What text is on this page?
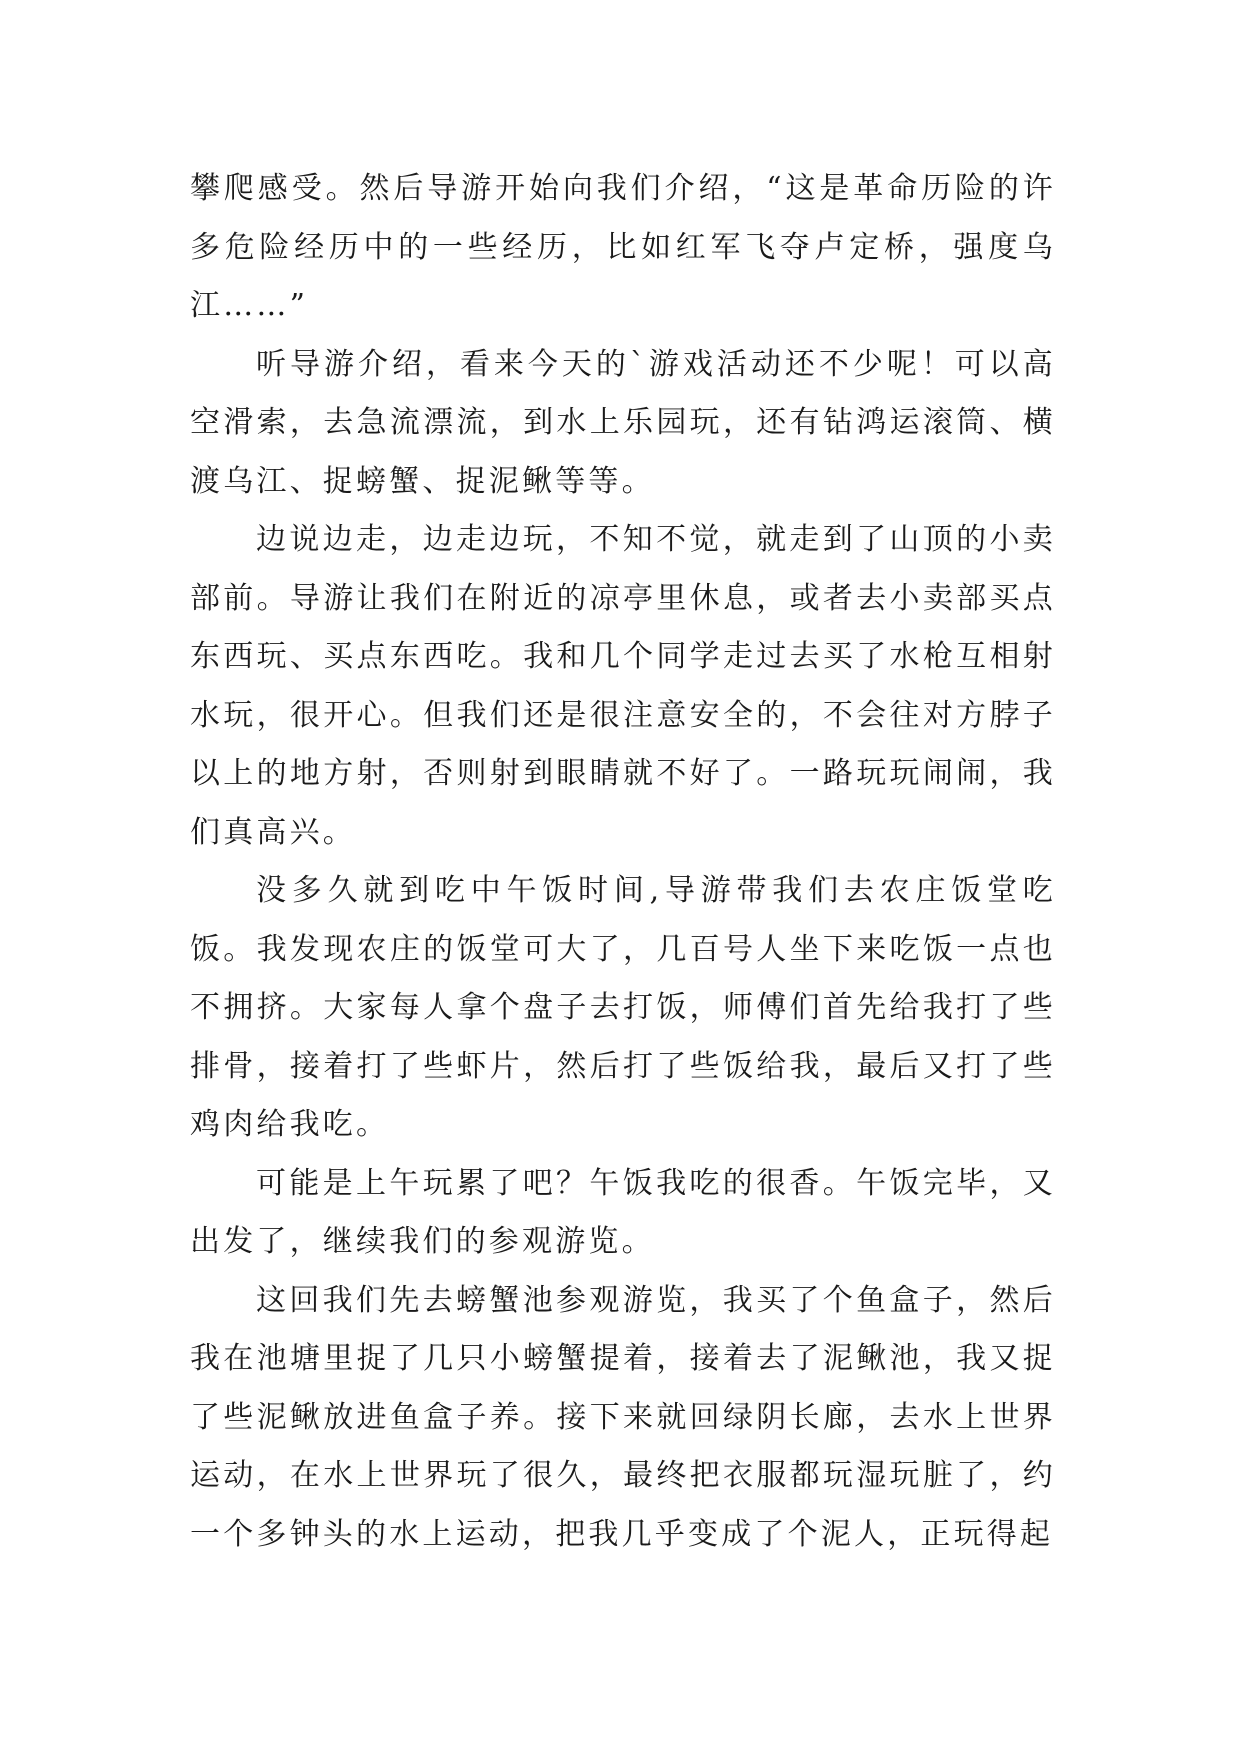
攀爬感受。然后导游开始向我们介绍，“这是革命历险的许多危险经历中的一些经历，比如红军飞夺卢定桥，强度乌江……”

听导游介绍，看来今天的`游戏活动还不少呢！可以高空滑索，去急流漂流，到水上乐园玩，还有钻鸿运滚筒、横渡乌江、捉螃蟹、捉泥鳅等等。

边说边走，边走边玩，不知不觉，就走到了山顶的小卖部前。导游让我们在附近的凉亭里休息，或者去小卖部买点东西玩、买点东西吃。我和几个同学走过去买了水枪互相射水玩，很开心。但我们还是很注意安全的，不会往对方脖子以上的地方射，否则射到眼睛就不好了。一路玩玩闹闹，我们真高兴。

没多久就到吃中午饭时间,导游带我们去农庄饭堂吃饭。我发现农庄的饭堂可大了，几百号人坐下来吃饭一点也不拥挤。大家每人拿个盘子去打饭，师傅们首先给我打了些排骨，接着打了些虾片，然后打了些饭给我，最后又打了些鸡肉给我吃。

可能是上午玩累了吧？午饭我吃的很香。午饭完毕，又出发了，继续我们的参观游览。

这回我们先去螃蟹池参观游览，我买了个鱼盒子，然后我在池塘里捉了几只小螃蟹提着，接着去了泥鳅池，我又捉了些泥鳅放进鱼盒子养。接下来就回绿阴长廊，去水上世界运动，在水上世界玩了很久，最终把衣服都玩湿玩脏了，约一个多钟头的水上运动，把我几乎变成了个泥人，正玩得起
